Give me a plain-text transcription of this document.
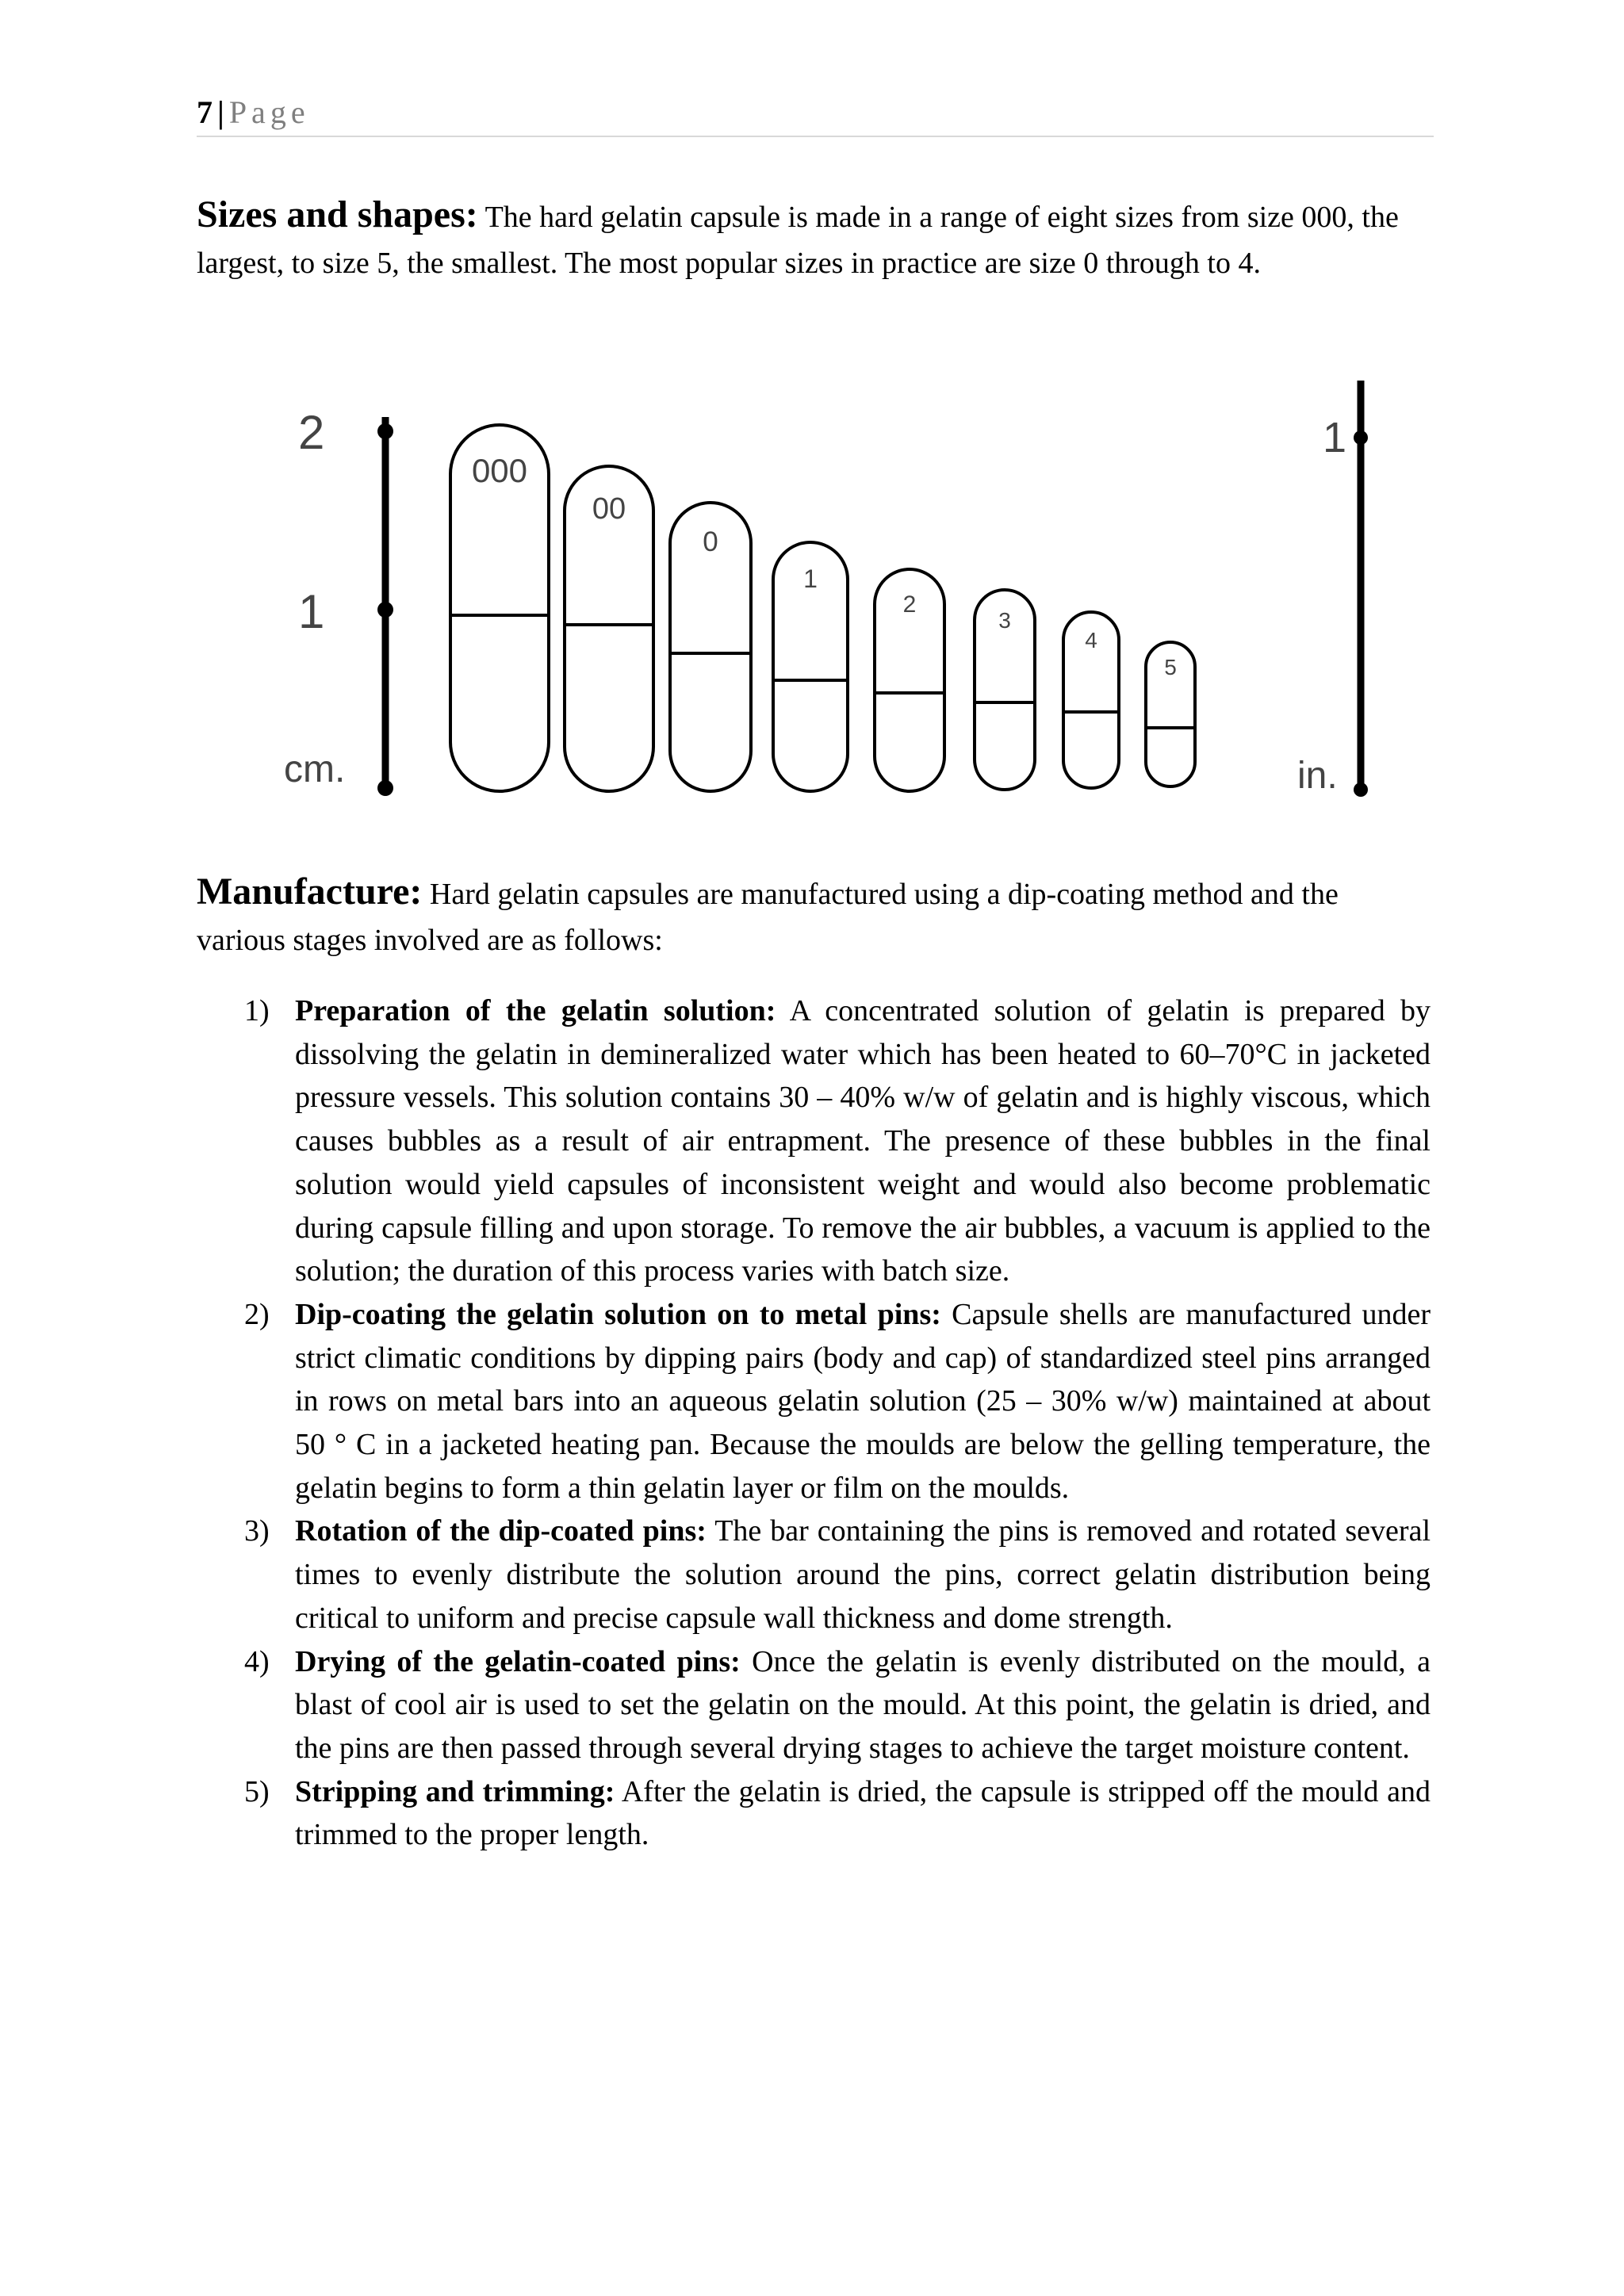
7 | Page
Sizes and shapes: The hard gelatin capsule is made in a range of eight sizes from size 000, the largest, to size 5, the smallest. The most popular sizes in practice are size 0 through to 4.
2
1
cm.
1
in.
000
00
0
1
2
3
4
5
Manufacture: Hard gelatin capsules are manufactured using a dip-coating method and the various stages involved are as follows:
1) Preparation of the gelatin solution: A concentrated solution of gelatin is prepared by dissolving the gelatin in demineralized water which has been heated to 60–70°C in jacketed pressure vessels. This solution contains 30 – 40% w/w of gelatin and is highly viscous, which causes bubbles as a result of air entrapment. The presence of these bubbles in the final solution would yield capsules of inconsistent weight and would also become problematic during capsule filling and upon storage. To remove the air bubbles, a vacuum is applied to the solution; the duration of this process varies with batch size.
2) Dip-coating the gelatin solution on to metal pins: Capsule shells are manufactured under strict climatic conditions by dipping pairs (body and cap) of standardized steel pins arranged in rows on metal bars into an aqueous gelatin solution (25 – 30% w/w) maintained at about 50 ° C in a jacketed heating pan. Because the moulds are below the gelling temperature, the gelatin begins to form a thin gelatin layer or film on the moulds.
3) Rotation of the dip-coated pins: The bar containing the pins is removed and rotated several times to evenly distribute the solution around the pins, correct gelatin distribution being critical to uniform and precise capsule wall thickness and dome strength.
4) Drying of the gelatin-coated pins: Once the gelatin is evenly distributed on the mould, a blast of cool air is used to set the gelatin on the mould. At this point, the gelatin is dried, and the pins are then passed through several drying stages to achieve the target moisture content.
5) Stripping and trimming: After the gelatin is dried, the capsule is stripped off the mould and trimmed to the proper length.
